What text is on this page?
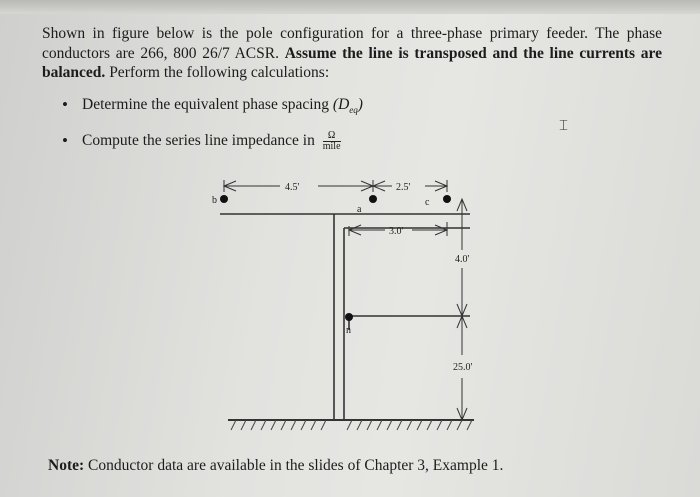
Shown in figure below is the pole configuration for a three-phase primary feeder. The phase conductors are 266, 800 26/7 ACSR. Assume the line is transposed and the line currents are balanced. Perform the following calculations:
• Determine the equivalent phase spacing $(D_{eq})$
• Compute the series line impedance in $\frac{\Omega}{\text{mile}}$
⌶
b
a
c
n
4.5'	2.5'
3.0'
4.0'
25.0'
Note: Conductor data are available in the slides of Chapter 3, Example 1.
